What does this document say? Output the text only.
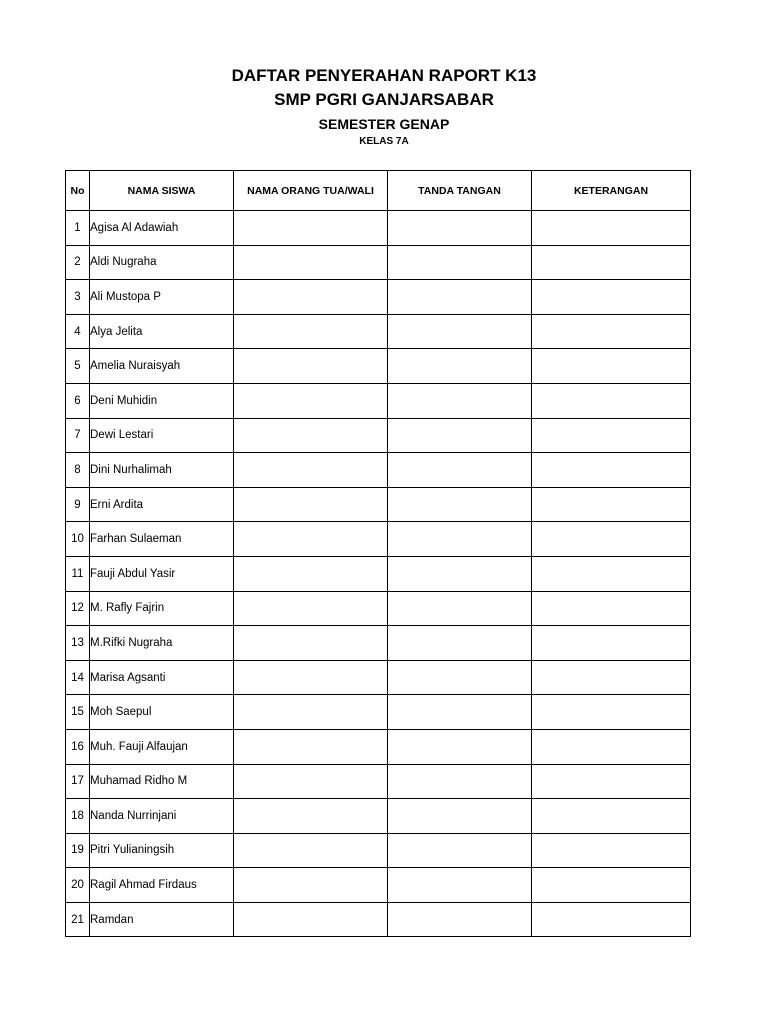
DAFTAR PENYERAHAN RAPORT K13
SMP PGRI GANJARSABAR
SEMESTER GENAP
KELAS 7A
No	NAMA SISWA	NAMA ORANG TUA/WALI	TANDA TANGAN	KETERANGAN
1	Agisa Al Adawiah			
2	Aldi Nugraha			
3	Ali Mustopa P			
4	Alya Jelita			
5	Amelia Nuraisyah			
6	Deni Muhidin			
7	Dewi Lestari			
8	Dini Nurhalimah			
9	Erni Ardita			
10	Farhan Sulaeman			
11	Fauji Abdul Yasir			
12	M. Rafly Fajrin			
13	M.Rifki Nugraha			
14	Marisa Agsanti			
15	Moh Saepul			
16	Muh. Fauji Alfaujan			
17	Muhamad Ridho M			
18	Nanda Nurrinjani			
19	Pitri Yulianingsih			
20	Ragil Ahmad Firdaus			
21	Ramdan			
